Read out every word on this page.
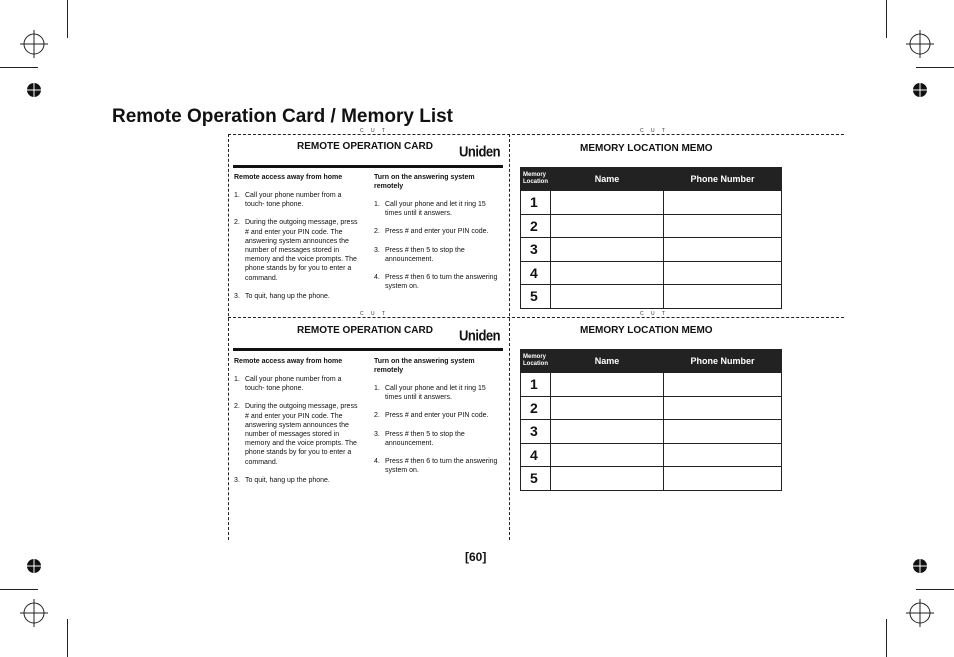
Remote Operation Card / Memory List
C U T	C U T
C U T	C U T
REMOTE OPERATION CARD Uniden
Remote access away from home
1. Call your phone number from a touch- tone phone.
2. During the outgoing message, press # and enter your PIN code. The answering system announces the number of messages stored in memory and the voice prompts. The phone stands by for you to enter a command.
3. To quit, hang up the phone.
Turn on the answering system remotely
1. Call your phone and let it ring 15 times until it answers.
2. Press # and enter your PIN code.
3. Press # then 5 to stop the announcement.
4. Press # then 6 to turn the answering system on.
MEMORY LOCATION MEMO
Memory Location	Name	Phone Number
1		
2		
3		
4		
5		
REMOTE OPERATION CARD Uniden
Remote access away from home
1. Call your phone number from a touch- tone phone.
2. During the outgoing message, press # and enter your PIN code. The answering system announces the number of messages stored in memory and the voice prompts. The phone stands by for you to enter a command.
3. To quit, hang up the phone.
Turn on the answering system remotely
1. Call your phone and let it ring 15 times until it answers.
2. Press # and enter your PIN code.
3. Press # then 5 to stop the announcement.
4. Press # then 6 to turn the answering system on.
MEMORY LOCATION MEMO
Memory Location	Name	Phone Number
1		
2		
3		
4		
5		
[60]
